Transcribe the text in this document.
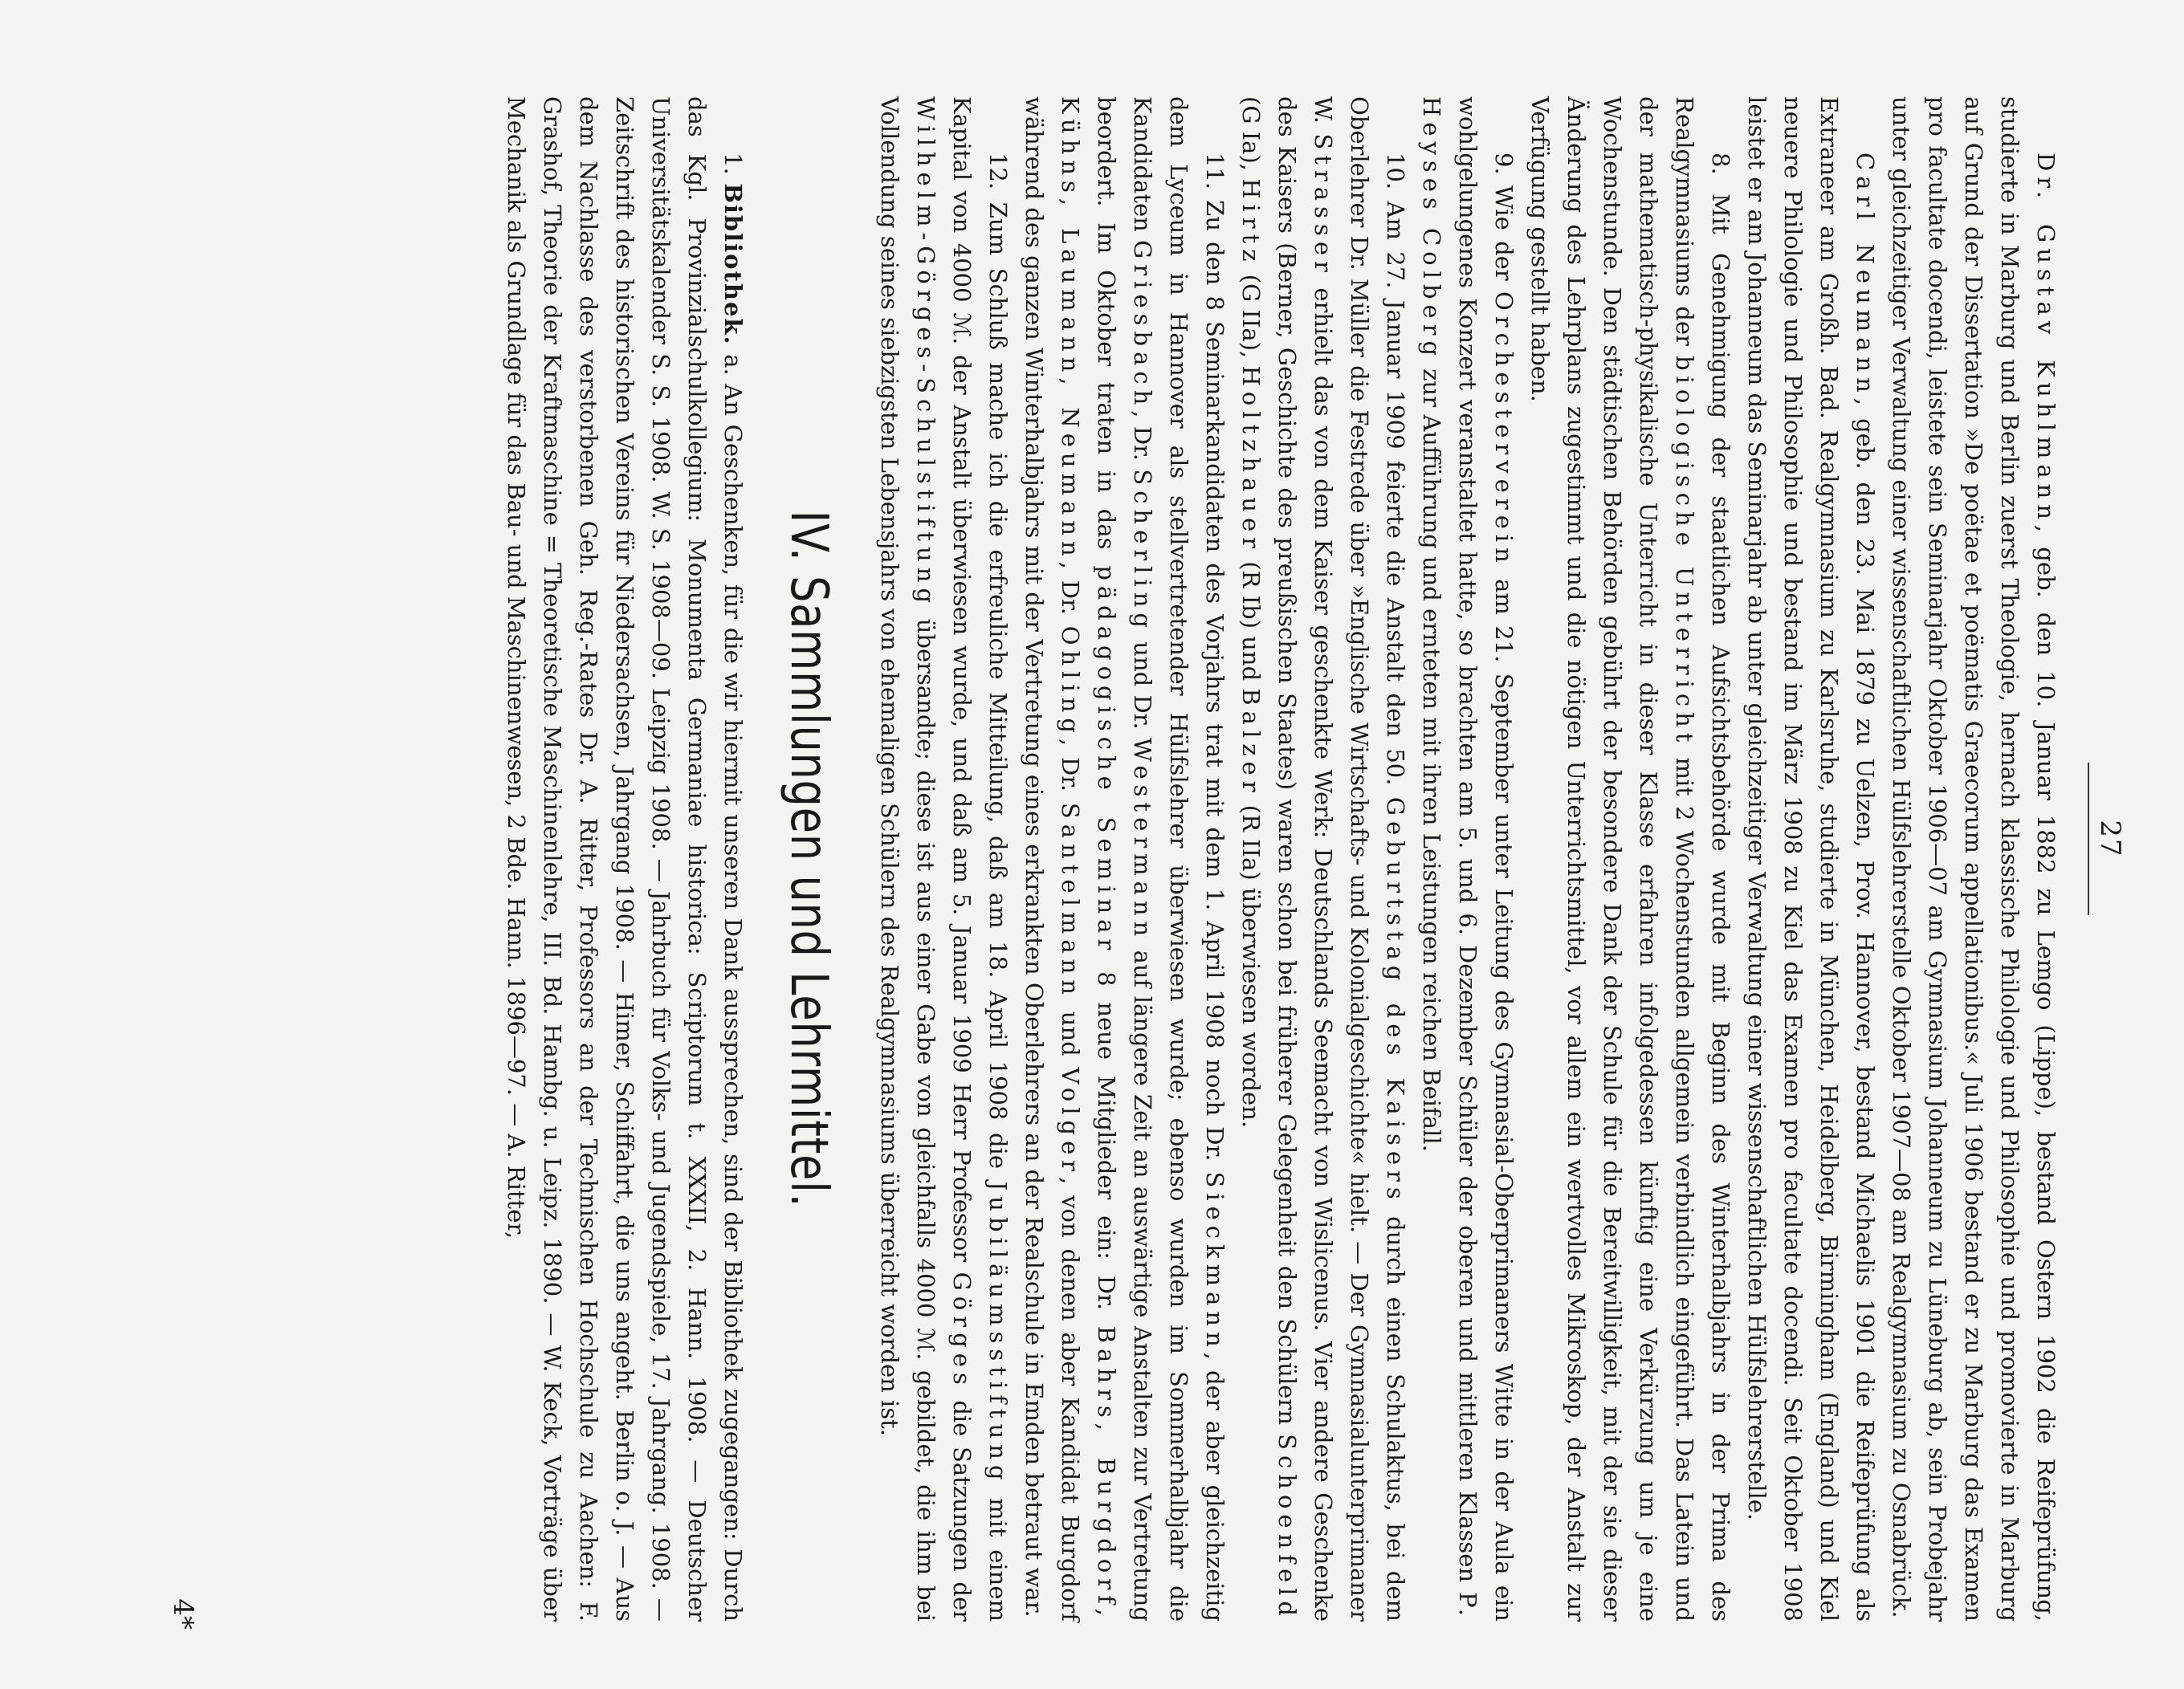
27

Dr. Gustav Kuhlmann, geb. den 10. Januar 1882 zu Lemgo (Lippe), bestand Ostern 1902 die Reifeprüfung, studierte in Marburg und Berlin zuerst Theologie, hernach klassische Philologie und Philosophie und promovierte in Marburg auf Grund der Dissertation »De poëtae et poëmatis Graecorum appellationibus.« Juli 1906 bestand er zu Marburg das Examen pro facultate docendi, leistete sein Seminarjahr Oktober 1906—07 am Gymnasium Johanneum zu Lüneburg ab, sein Probejahr unter gleichzeitiger Verwaltung einer wissenschaftlichen Hülfslehrerstelle Oktober 1907—08 am Realgymnasium zu Osnabrück.

Carl Neumann, geb. den 23. Mai 1879 zu Uelzen, Prov. Hannover, bestand Michaelis 1901 die Reifeprüfung als Extraneer am Großh. Bad. Realgymnasium zu Karlsruhe, studierte in München, Heidelberg, Birmingham (England) und Kiel neuere Philologie und Philosophie und bestand im März 1908 zu Kiel das Examen pro facultate docendi. Seit Oktober 1908 leistet er am Johanneum das Seminarjahr ab unter gleichzeitiger Verwaltung einer wissenschaftlichen Hülfslehrerstelle.

8. Mit Genehmigung der staatlichen Aufsichtsbehörde wurde mit Beginn des Winterhalbjahrs in der Prima des Realgymnasiums der biologische Unterricht mit 2 Wochenstunden allgemein verbindlich eingeführt. Das Latein und der mathematisch-physikalische Unterricht in dieser Klasse erfahren infolgedessen künftig eine Verkürzung um je eine Wochenstunde. Den städtischen Behörden gebührt der besondere Dank der Schule für die Bereitwilligkeit, mit der sie dieser Änderung des Lehrplans zugestimmt und die nötigen Unterrichtsmittel, vor allem ein wertvolles Mikroskop, der Anstalt zur Verfügung gestellt haben.

9. Wie der Orchesterverein am 21. September unter Leitung des Gymnasial-Oberprimaners Witte in der Aula ein wohlgelungenes Konzert veranstaltet hatte, so brachten am 5. und 6. Dezember Schüler der oberen und mittleren Klassen P. Heyses Colberg zur Aufführung und ernteten mit ihren Leistungen reichen Beifall.

10. Am 27. Januar 1909 feierte die Anstalt den 50. Geburtstag des Kaisers durch einen Schulaktus, bei dem Oberlehrer Dr. Müller die Festrede über »Englische Wirtschafts- und Kolonialgeschichte« hielt. — Der Gymnasialunterprimaner W. Strasser erhielt das von dem Kaiser geschenkte Werk: Deutschlands Seemacht von Wislicenus. Vier andere Geschenke des Kaisers (Berner, Geschichte des preußischen Staates) waren schon bei früherer Gelegenheit den Schülern Schoenfeld (G Ia), Hirtz (G IIa), Holtzhauer (R Ib) und Balzer (R IIa) überwiesen worden.

11. Zu den 8 Seminarkandidaten des Vorjahrs trat mit dem 1. April 1908 noch Dr. Sieckmann, der aber gleichzeitig dem Lyceum in Hannover als stellvertretender Hülfslehrer überwiesen wurde; ebenso wurden im Sommerhalbjahr die Kandidaten Griesbach, Dr. Scherling und Dr. Westermann auf längere Zeit an auswärtige Anstalten zur Vertretung beordert. Im Oktober traten in das pädagogische Seminar 8 neue Mitglieder ein: Dr. Bahrs, Burgdorf, Kühns, Laumann, Neumann, Dr. Ohling, Dr. Santelmann und Volger, von denen aber Kandidat Burgdorf während des ganzen Winterhalbjahrs mit der Vertretung eines erkrankten Oberlehrers an der Realschule in Emden betraut war.

12. Zum Schluß mache ich die erfreuliche Mitteilung, daß am 18. April 1908 die Jubiläumsstiftung mit einem Kapital von 4000 ℳ. der Anstalt überwiesen wurde, und daß am 5. Januar 1909 Herr Professor Görges die Satzungen der Wilhelm-Görges-Schulstiftung übersandte; diese ist aus einer Gabe von gleichfalls 4000 ℳ. gebildet, die ihm bei Vollendung seines siebzigsten Lebensjahrs von ehemaligen Schülern des Realgymnasiums überreicht worden ist.

IV. Sammlungen und Lehrmittel.

1. Bibliothek. a. An Geschenken, für die wir hiermit unseren Dank aussprechen, sind der Bibliothek zugegangen: Durch das Kgl. Provinzialschulkollegium: Monumenta Germaniae historica: Scriptorum t. XXXII, 2. Hann. 1908. — Deutscher Universitätskalender S. S. 1908. W. S. 1908—09. Leipzig 1908. — Jahrbuch für Volks- und Jugendspiele, 17. Jahrgang. 1908. — Zeitschrift des historischen Vereins für Niedersachsen, Jahrgang 1908. — Himer, Schiffahrt, die uns angeht. Berlin o. J. — Aus dem Nachlasse des verstorbenen Geh. Reg.-Rates Dr. A. Ritter, Professors an der Technischen Hochschule zu Aachen: F. Grashof, Theorie der Kraftmaschine = Theoretische Maschinenlehre, III. Bd. Hambg. u. Leipz. 1890. — W. Keck, Vorträge über Mechanik als Grundlage für das Bau- und Maschinenwesen, 2 Bde. Hann. 1896—97. — A. Ritter,

4*
